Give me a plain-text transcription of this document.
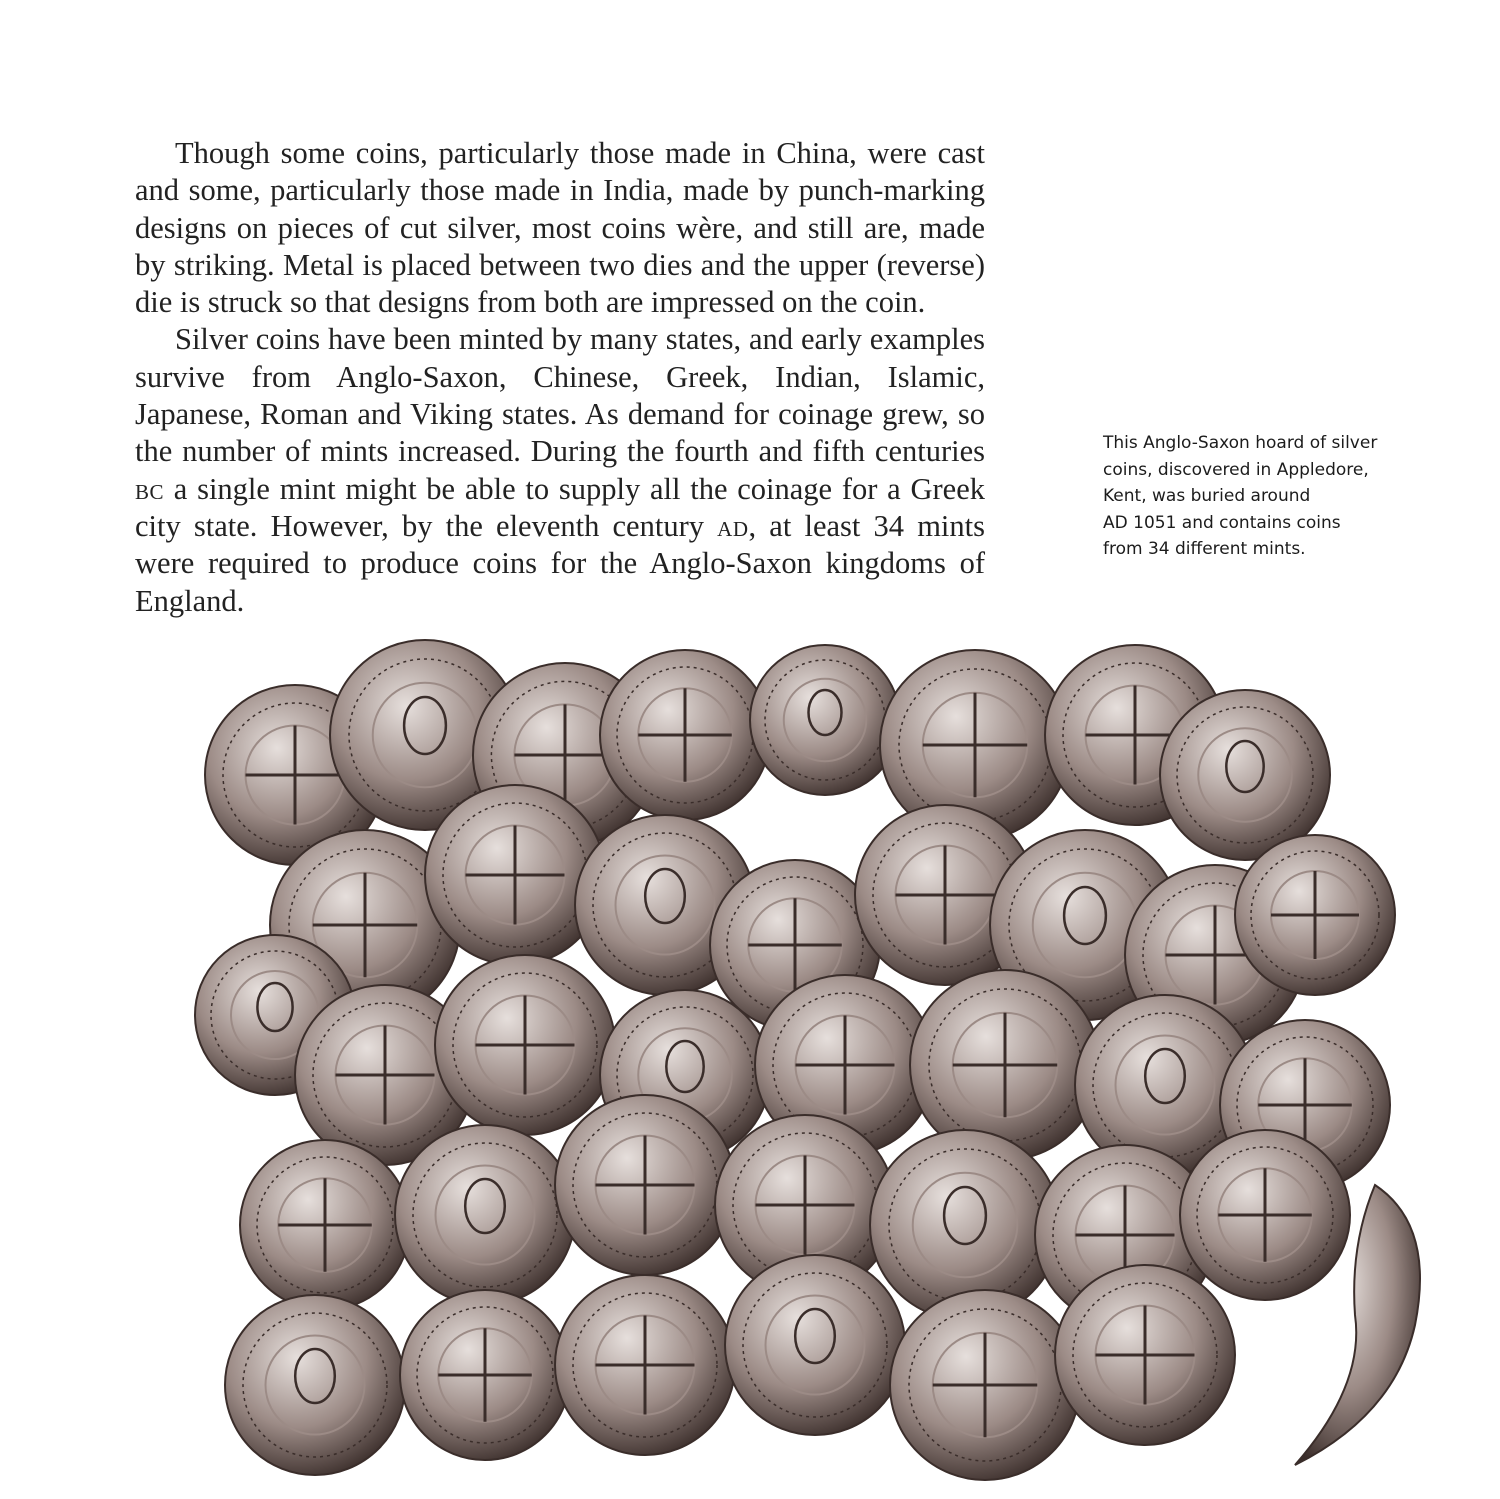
Though some coins, particularly those made in China, were cast and some, particularly those made in India, made by punch-marking designs on pieces of cut silver, most coins wère, and still are, made by striking. Metal is placed between two dies and the upper (reverse) die is struck so that designs from both are impressed on the coin.

Silver coins have been minted by many states, and early examples survive from Anglo-Saxon, Chinese, Greek, Indian, Islamic, Japanese, Roman and Viking states. As demand for coinage grew, so the number of mints increased. During the fourth and fifth centuries bc a single mint might be able to supply all the coinage for a Greek city state. However, by the eleventh century ad, at least 34 mints were required to produce coins for the Anglo-Saxon kingdoms of England.

This Anglo-Saxon hoard of silver
coins, discovered in Appledore,
Kent, was buried around
AD 1051 and contains coins
from 34 different mints.
